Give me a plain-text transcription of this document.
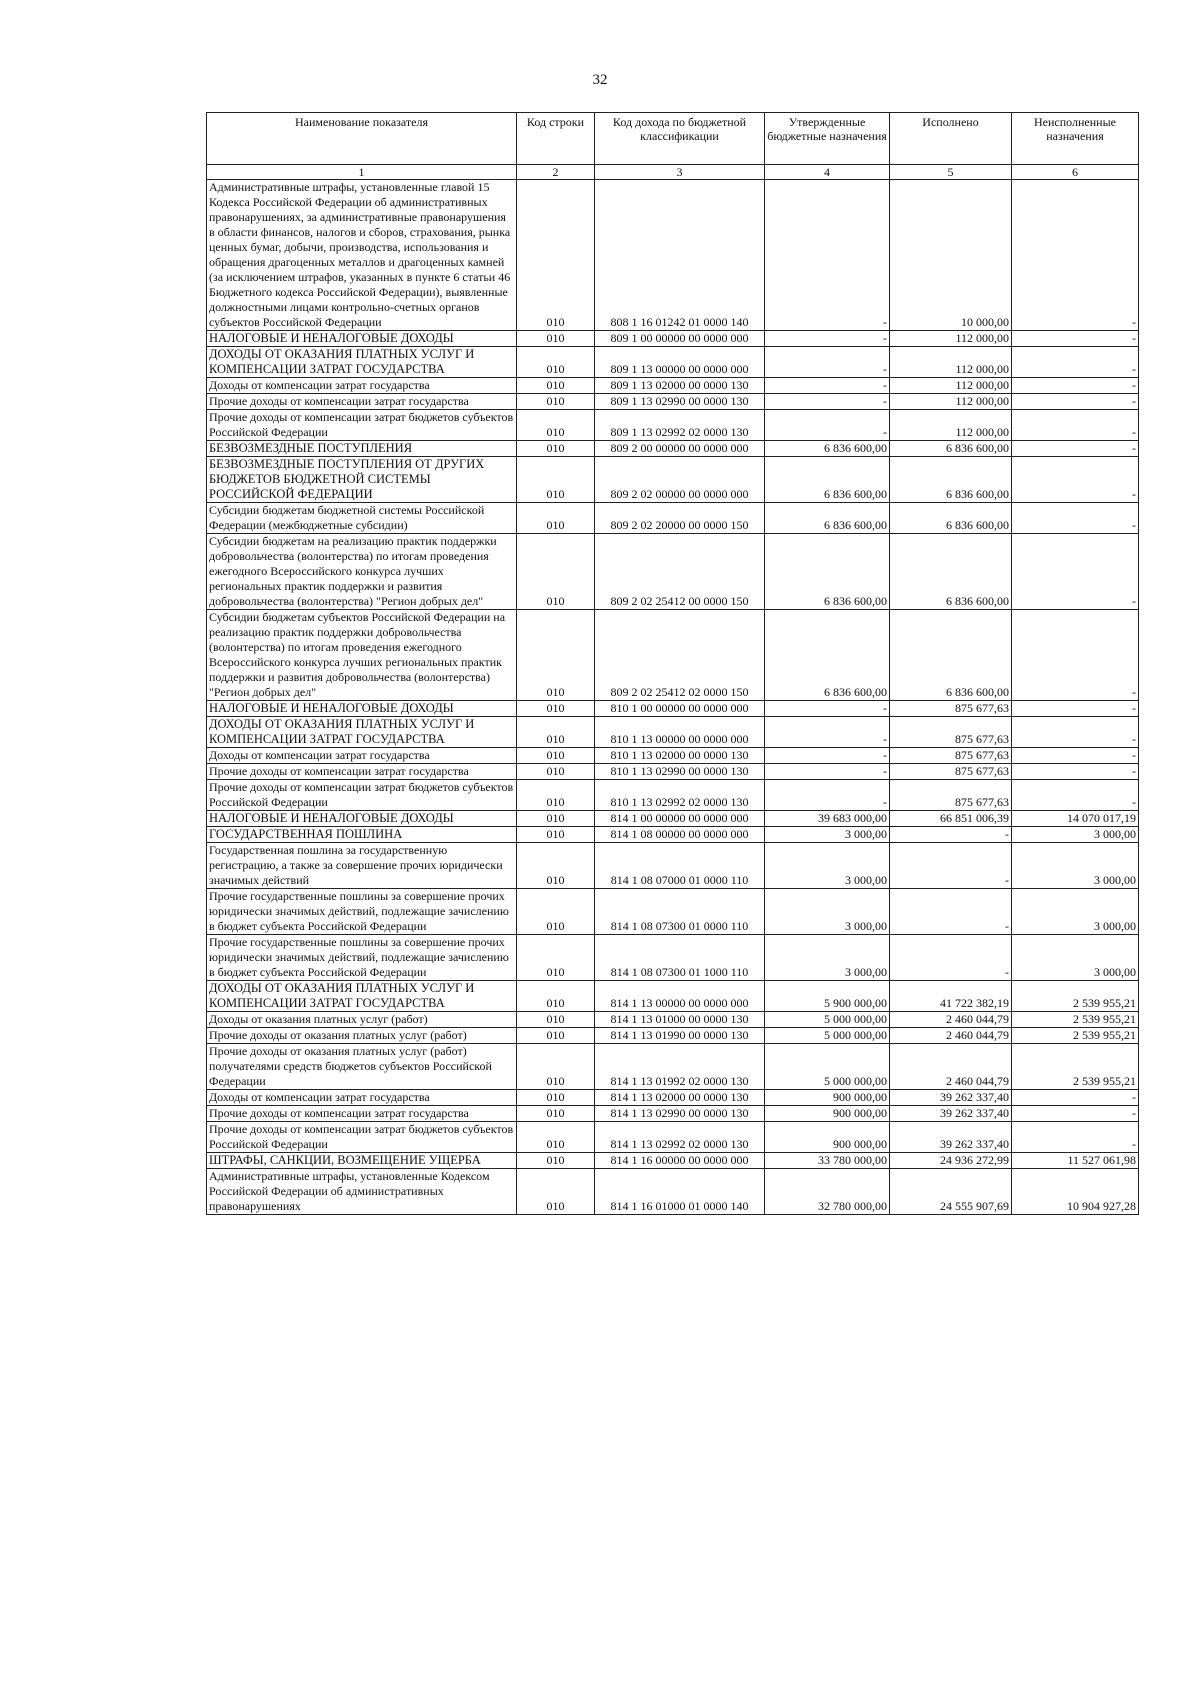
32
Наименование показателя	Код строки	Код дохода по бюджетной классификации	Утвержденные бюджетные назначения	Исполнено	Неисполненные назначения
1	2	3	4	5	6
Административные штрафы, установленные главой 15 Кодекса Российской Федерации об административных правонарушениях, за административные правонарушения в области финансов, налогов и сборов, страхования, рынка ценных бумаг, добычи, производства, использования и обращения драгоценных металлов и драгоценных камней (за исключением штрафов, указанных в пункте 6 статьи 46 Бюджетного кодекса Российской Федерации), выявленные должностными лицами контрольно-счетных органов субъектов Российской Федерации	010	808 1 16 01242 01 0000 140	-	10 000,00	-
НАЛОГОВЫЕ И НЕНАЛОГОВЫЕ ДОХОДЫ	010	809 1 00 00000 00 0000 000	-	112 000,00	-
ДОХОДЫ ОТ ОКАЗАНИЯ ПЛАТНЫХ УСЛУГ И КОМПЕНСАЦИИ ЗАТРАТ ГОСУДАРСТВА	010	809 1 13 00000 00 0000 000	-	112 000,00	-
Доходы от компенсации затрат государства	010	809 1 13 02000 00 0000 130	-	112 000,00	-
Прочие доходы от компенсации затрат государства	010	809 1 13 02990 00 0000 130	-	112 000,00	-
Прочие доходы от компенсации затрат бюджетов субъектов Российской Федерации	010	809 1 13 02992 02 0000 130	-	112 000,00	-
БЕЗВОЗМЕЗДНЫЕ ПОСТУПЛЕНИЯ	010	809 2 00 00000 00 0000 000	6 836 600,00	6 836 600,00	-
БЕЗВОЗМЕЗДНЫЕ ПОСТУПЛЕНИЯ ОТ ДРУГИХ БЮДЖЕТОВ БЮДЖЕТНОЙ СИСТЕМЫ РОССИЙСКОЙ ФЕДЕРАЦИИ	010	809 2 02 00000 00 0000 000	6 836 600,00	6 836 600,00	-
Субсидии бюджетам бюджетной системы Российской Федерации (межбюджетные субсидии)	010	809 2 02 20000 00 0000 150	6 836 600,00	6 836 600,00	-
Субсидии бюджетам на реализацию практик поддержки добровольчества (волонтерства) по итогам проведения ежегодного Всероссийского конкурса лучших региональных практик поддержки и развития добровольчества (волонтерства) "Регион добрых дел"	010	809 2 02 25412 00 0000 150	6 836 600,00	6 836 600,00	-
Субсидии бюджетам субъектов Российской Федерации на реализацию практик поддержки добровольчества (волонтерства) по итогам проведения ежегодного Всероссийского конкурса лучших региональных практик поддержки и развития добровольчества (волонтерства) "Регион добрых дел"	010	809 2 02 25412 02 0000 150	6 836 600,00	6 836 600,00	-
НАЛОГОВЫЕ И НЕНАЛОГОВЫЕ ДОХОДЫ	010	810 1 00 00000 00 0000 000	-	875 677,63	-
ДОХОДЫ ОТ ОКАЗАНИЯ ПЛАТНЫХ УСЛУГ И КОМПЕНСАЦИИ ЗАТРАТ ГОСУДАРСТВА	010	810 1 13 00000 00 0000 000	-	875 677,63	-
Доходы от компенсации затрат государства	010	810 1 13 02000 00 0000 130	-	875 677,63	-
Прочие доходы от компенсации затрат государства	010	810 1 13 02990 00 0000 130	-	875 677,63	-
Прочие доходы от компенсации затрат бюджетов субъектов Российской Федерации	010	810 1 13 02992 02 0000 130	-	875 677,63	-
НАЛОГОВЫЕ И НЕНАЛОГОВЫЕ ДОХОДЫ	010	814 1 00 00000 00 0000 000	39 683 000,00	66 851 006,39	14 070 017,19
ГОСУДАРСТВЕННАЯ ПОШЛИНА	010	814 1 08 00000 00 0000 000	3 000,00	-	3 000,00
Государственная пошлина за государственную регистрацию, а также за совершение прочих юридически значимых действий	010	814 1 08 07000 01 0000 110	3 000,00	-	3 000,00
Прочие государственные пошлины за совершение прочих юридически значимых действий, подлежащие зачислению в бюджет субъекта Российской Федерации	010	814 1 08 07300 01 0000 110	3 000,00	-	3 000,00
Прочие государственные пошлины за совершение прочих юридически значимых действий, подлежащие зачислению в бюджет субъекта Российской Федерации	010	814 1 08 07300 01 1000 110	3 000,00	-	3 000,00
ДОХОДЫ ОТ ОКАЗАНИЯ ПЛАТНЫХ УСЛУГ И КОМПЕНСАЦИИ ЗАТРАТ ГОСУДАРСТВА	010	814 1 13 00000 00 0000 000	5 900 000,00	41 722 382,19	2 539 955,21
Доходы от оказания платных услуг (работ)	010	814 1 13 01000 00 0000 130	5 000 000,00	2 460 044,79	2 539 955,21
Прочие доходы от оказания платных услуг (работ)	010	814 1 13 01990 00 0000 130	5 000 000,00	2 460 044,79	2 539 955,21
Прочие доходы от оказания платных услуг (работ) получателями средств бюджетов субъектов Российской Федерации	010	814 1 13 01992 02 0000 130	5 000 000,00	2 460 044,79	2 539 955,21
Доходы от компенсации затрат государства	010	814 1 13 02000 00 0000 130	900 000,00	39 262 337,40	-
Прочие доходы от компенсации затрат государства	010	814 1 13 02990 00 0000 130	900 000,00	39 262 337,40	-
Прочие доходы от компенсации затрат бюджетов субъектов Российской Федерации	010	814 1 13 02992 02 0000 130	900 000,00	39 262 337,40	-
ШТРАФЫ, САНКЦИИ, ВОЗМЕЩЕНИЕ УЩЕРБА	010	814 1 16 00000 00 0000 000	33 780 000,00	24 936 272,99	11 527 061,98
Административные штрафы, установленные Кодексом Российской Федерации об административных правонарушениях	010	814 1 16 01000 01 0000 140	32 780 000,00	24 555 907,69	10 904 927,28
